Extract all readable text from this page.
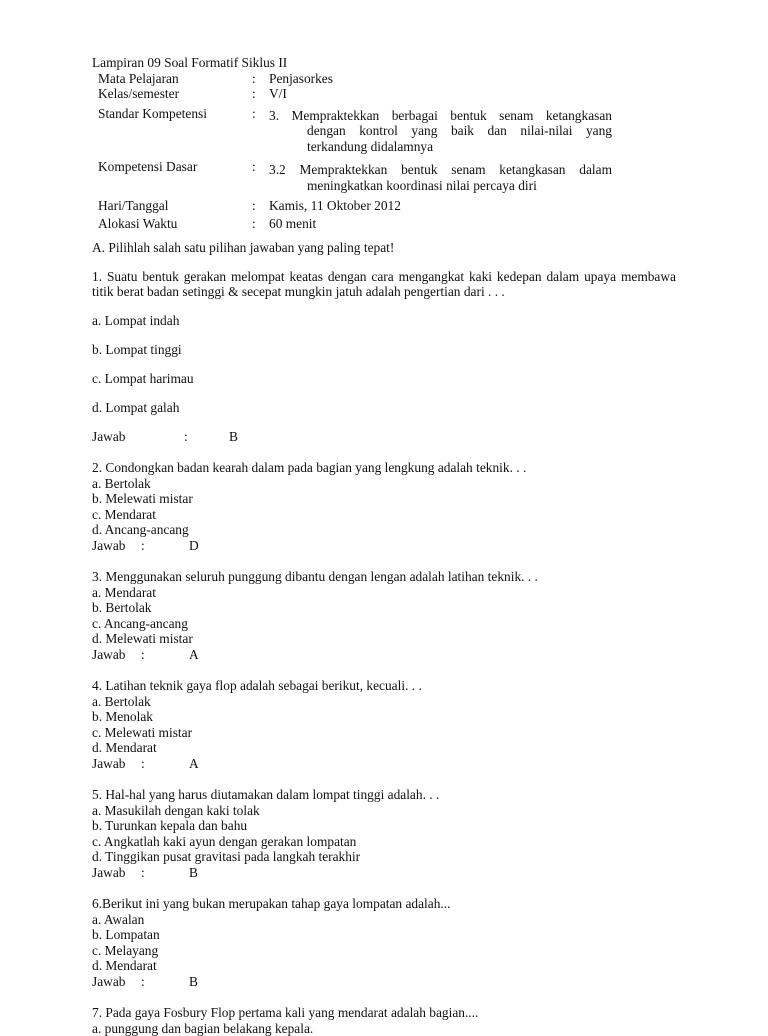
Lampiran 09 Soal Formatif Siklus II

Mata Pelajaran	:	Penjasorkes
Kelas/semester	:	V/I
Standar Kompetensi	:	3. Mempraktekkan berbagai bentuk senam ketangkasan
dengan kontrol yang baik dan nilai-nilai yang terkandung didalamnya

Kompetensi Dasar	:	3.2 Mempraktekkan bentuk senam ketangkasan dalam
meningkatkan koordinasi nilai percaya diri

Hari/Tanggal	:	Kamis, 11 Oktober 2012
Alokasi Waktu	:	60 menit

A. Pilihlah salah satu pilihan jawaban yang paling tepat!

1. Suatu bentuk gerakan melompat keatas dengan cara mengangkat kaki kedepan dalam upaya membawa titik berat badan setinggi & secepat mungkin jatuh adalah pengertian dari . . .

a. Lompat indah

b. Lompat tinggi

c. Lompat harimau

d. Lompat galah

Jawab	:	B

2. Condongkan badan kearah dalam pada bagian yang lengkung adalah teknik. . .

a. Bertolak

b. Melewati mistar

c. Mendarat

d. Ancang-ancang

Jawab :	D

3. Menggunakan seluruh punggung dibantu dengan lengan adalah latihan teknik. . .

a. Mendarat

b. Bertolak

c. Ancang-ancang

d. Melewati mistar

Jawab :	A

4. Latihan teknik gaya flop adalah sebagai berikut, kecuali. . .

a. Bertolak

b. Menolak

c. Melewati mistar

d. Mendarat

Jawab :	A

5. Hal-hal yang harus diutamakan dalam lompat tinggi adalah. . .

a. Masukilah dengan kaki tolak

b. Turunkan kepala dan bahu

c. Angkatlah kaki ayun dengan gerakan lompatan

d. Tinggikan pusat gravitasi pada langkah terakhir

Jawab :	B

6.Berikut ini yang bukan merupakan tahap gaya lompatan adalah...

a. Awalan

b. Lompatan

c. Melayang

d. Mendarat

Jawab :	B

7. Pada gaya Fosbury Flop pertama kali yang mendarat adalah bagian....

a. punggung dan bagian belakang kepala.
